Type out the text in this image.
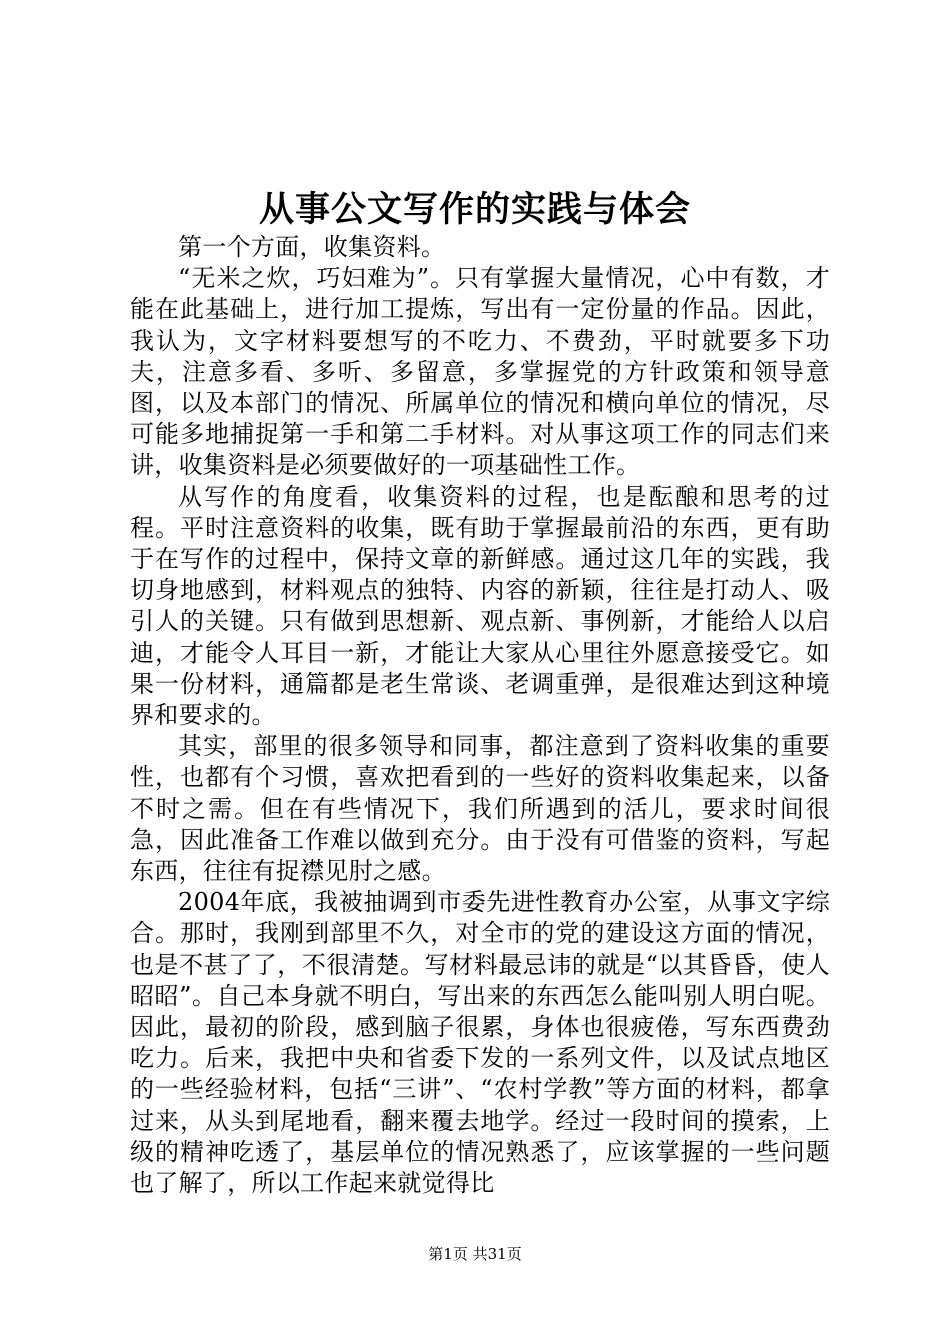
从事公文写作的实践与体会

第一个方面，收集资料。

“无米之炊，巧妇难为”。只有掌握大量情况，心中有数，才能在此基础上，进行加工提炼，写出有一定份量的作品。因此，我认为，文字材料要想写的不吃力、不费劲，平时就要多下功夫，注意多看、多听、多留意，多掌握党的方针政策和领导意图，以及本部门的情况、所属单位的情况和横向单位的情况，尽可能多地捕捉第一手和第二手材料。对从事这项工作的同志们来讲，收集资料是必须要做好的一项基础性工作。

从写作的角度看，收集资料的过程，也是酝酿和思考的过程。平时注意资料的收集，既有助于掌握最前沿的东西，更有助于在写作的过程中，保持文章的新鲜感。通过这几年的实践，我切身地感到，材料观点的独特、内容的新颖，往往是打动人、吸引人的关键。只有做到思想新、观点新、事例新，才能给人以启迪，才能令人耳目一新，才能让大家从心里往外愿意接受它。如果一份材料，通篇都是老生常谈、老调重弹，是很难达到这种境界和要求的。

其实，部里的很多领导和同事，都注意到了资料收集的重要性，也都有个习惯，喜欢把看到的一些好的资料收集起来，以备不时之需。但在有些情况下，我们所遇到的活儿，要求时间很急，因此准备工作难以做到充分。由于没有可借鉴的资料，写起东西，往往有捉襟见肘之感。

2004年底，我被抽调到市委先进性教育办公室，从事文字综合。那时，我刚到部里不久，对全市的党的建设这方面的情况，也是不甚了了，不很清楚。写材料最忌讳的就是“以其昏昏，使人昭昭”。自己本身就不明白，写出来的东西怎么能叫别人明白呢。因此，最初的阶段，感到脑子很累，身体也很疲倦，写东西费劲吃力。后来，我把中央和省委下发的一系列文件，以及试点地区的一些经验材料，包括“三讲”、“农村学教”等方面的材料，都拿过来，从头到尾地看，翻来覆去地学。经过一段时间的摸索，上级的精神吃透了，基层单位的情况熟悉了，应该掌握的一些问题也了解了，所以工作起来就觉得比

第1页 共31页
